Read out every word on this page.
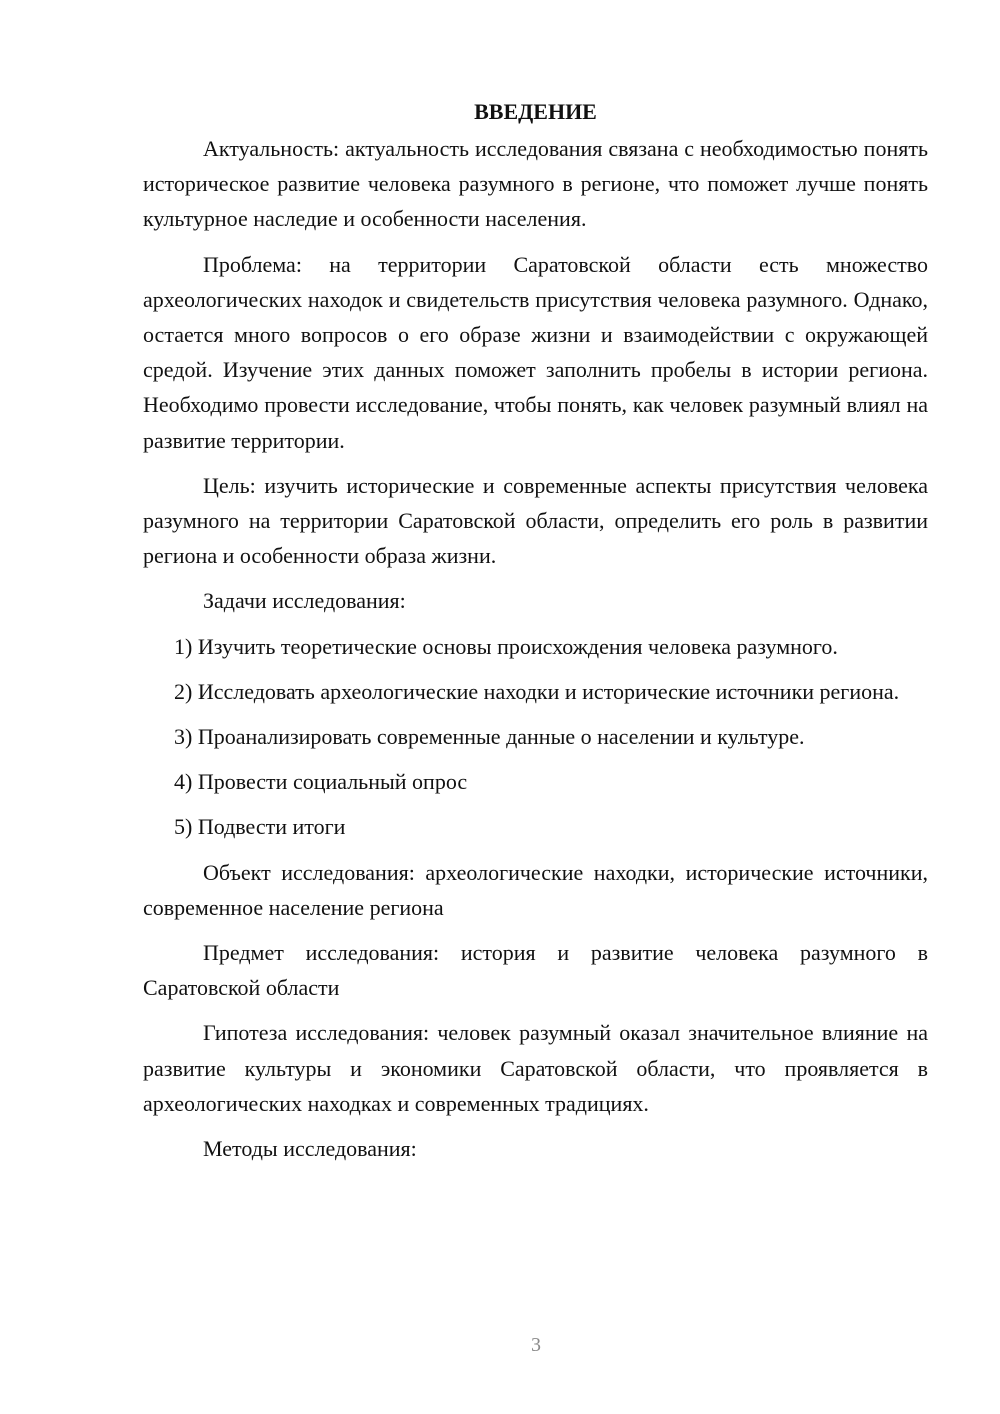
ВВЕДЕНИЕ

Актуальность: актуальность исследования связана с необходимостью понять историческое развитие человека разумного в регионе, что поможет лучше понять культурное наследие и особенности населения.

Проблема: на территории Саратовской области есть множество археологических находок и свидетельств присутствия человека разумного. Однако, остается много вопросов о его образе жизни и взаимодействии с окружающей средой. Изучение этих данных поможет заполнить пробелы в истории региона. Необходимо провести исследование, чтобы понять, как человек разумный влиял на развитие территории.

Цель: изучить исторические и современные аспекты присутствия человека разумного на территории Саратовской области, определить его роль в развитии региона и особенности образа жизни.

Задачи исследования:

1) Изучить теоретические основы происхождения человека разумного.

2) Исследовать археологические находки и исторические источники региона.

3) Проанализировать современные данные о населении и культуре.

4) Провести социальный опрос

5) Подвести итоги

Объект исследования: археологические находки, исторические источники, современное население региона

Предмет исследования: история и развитие человека разумного в Саратовской области

Гипотеза исследования: человек разумный оказал значительное влияние на развитие культуры и экономики Саратовской области, что проявляется в археологических находках и современных традициях.

Методы исследования:

3
